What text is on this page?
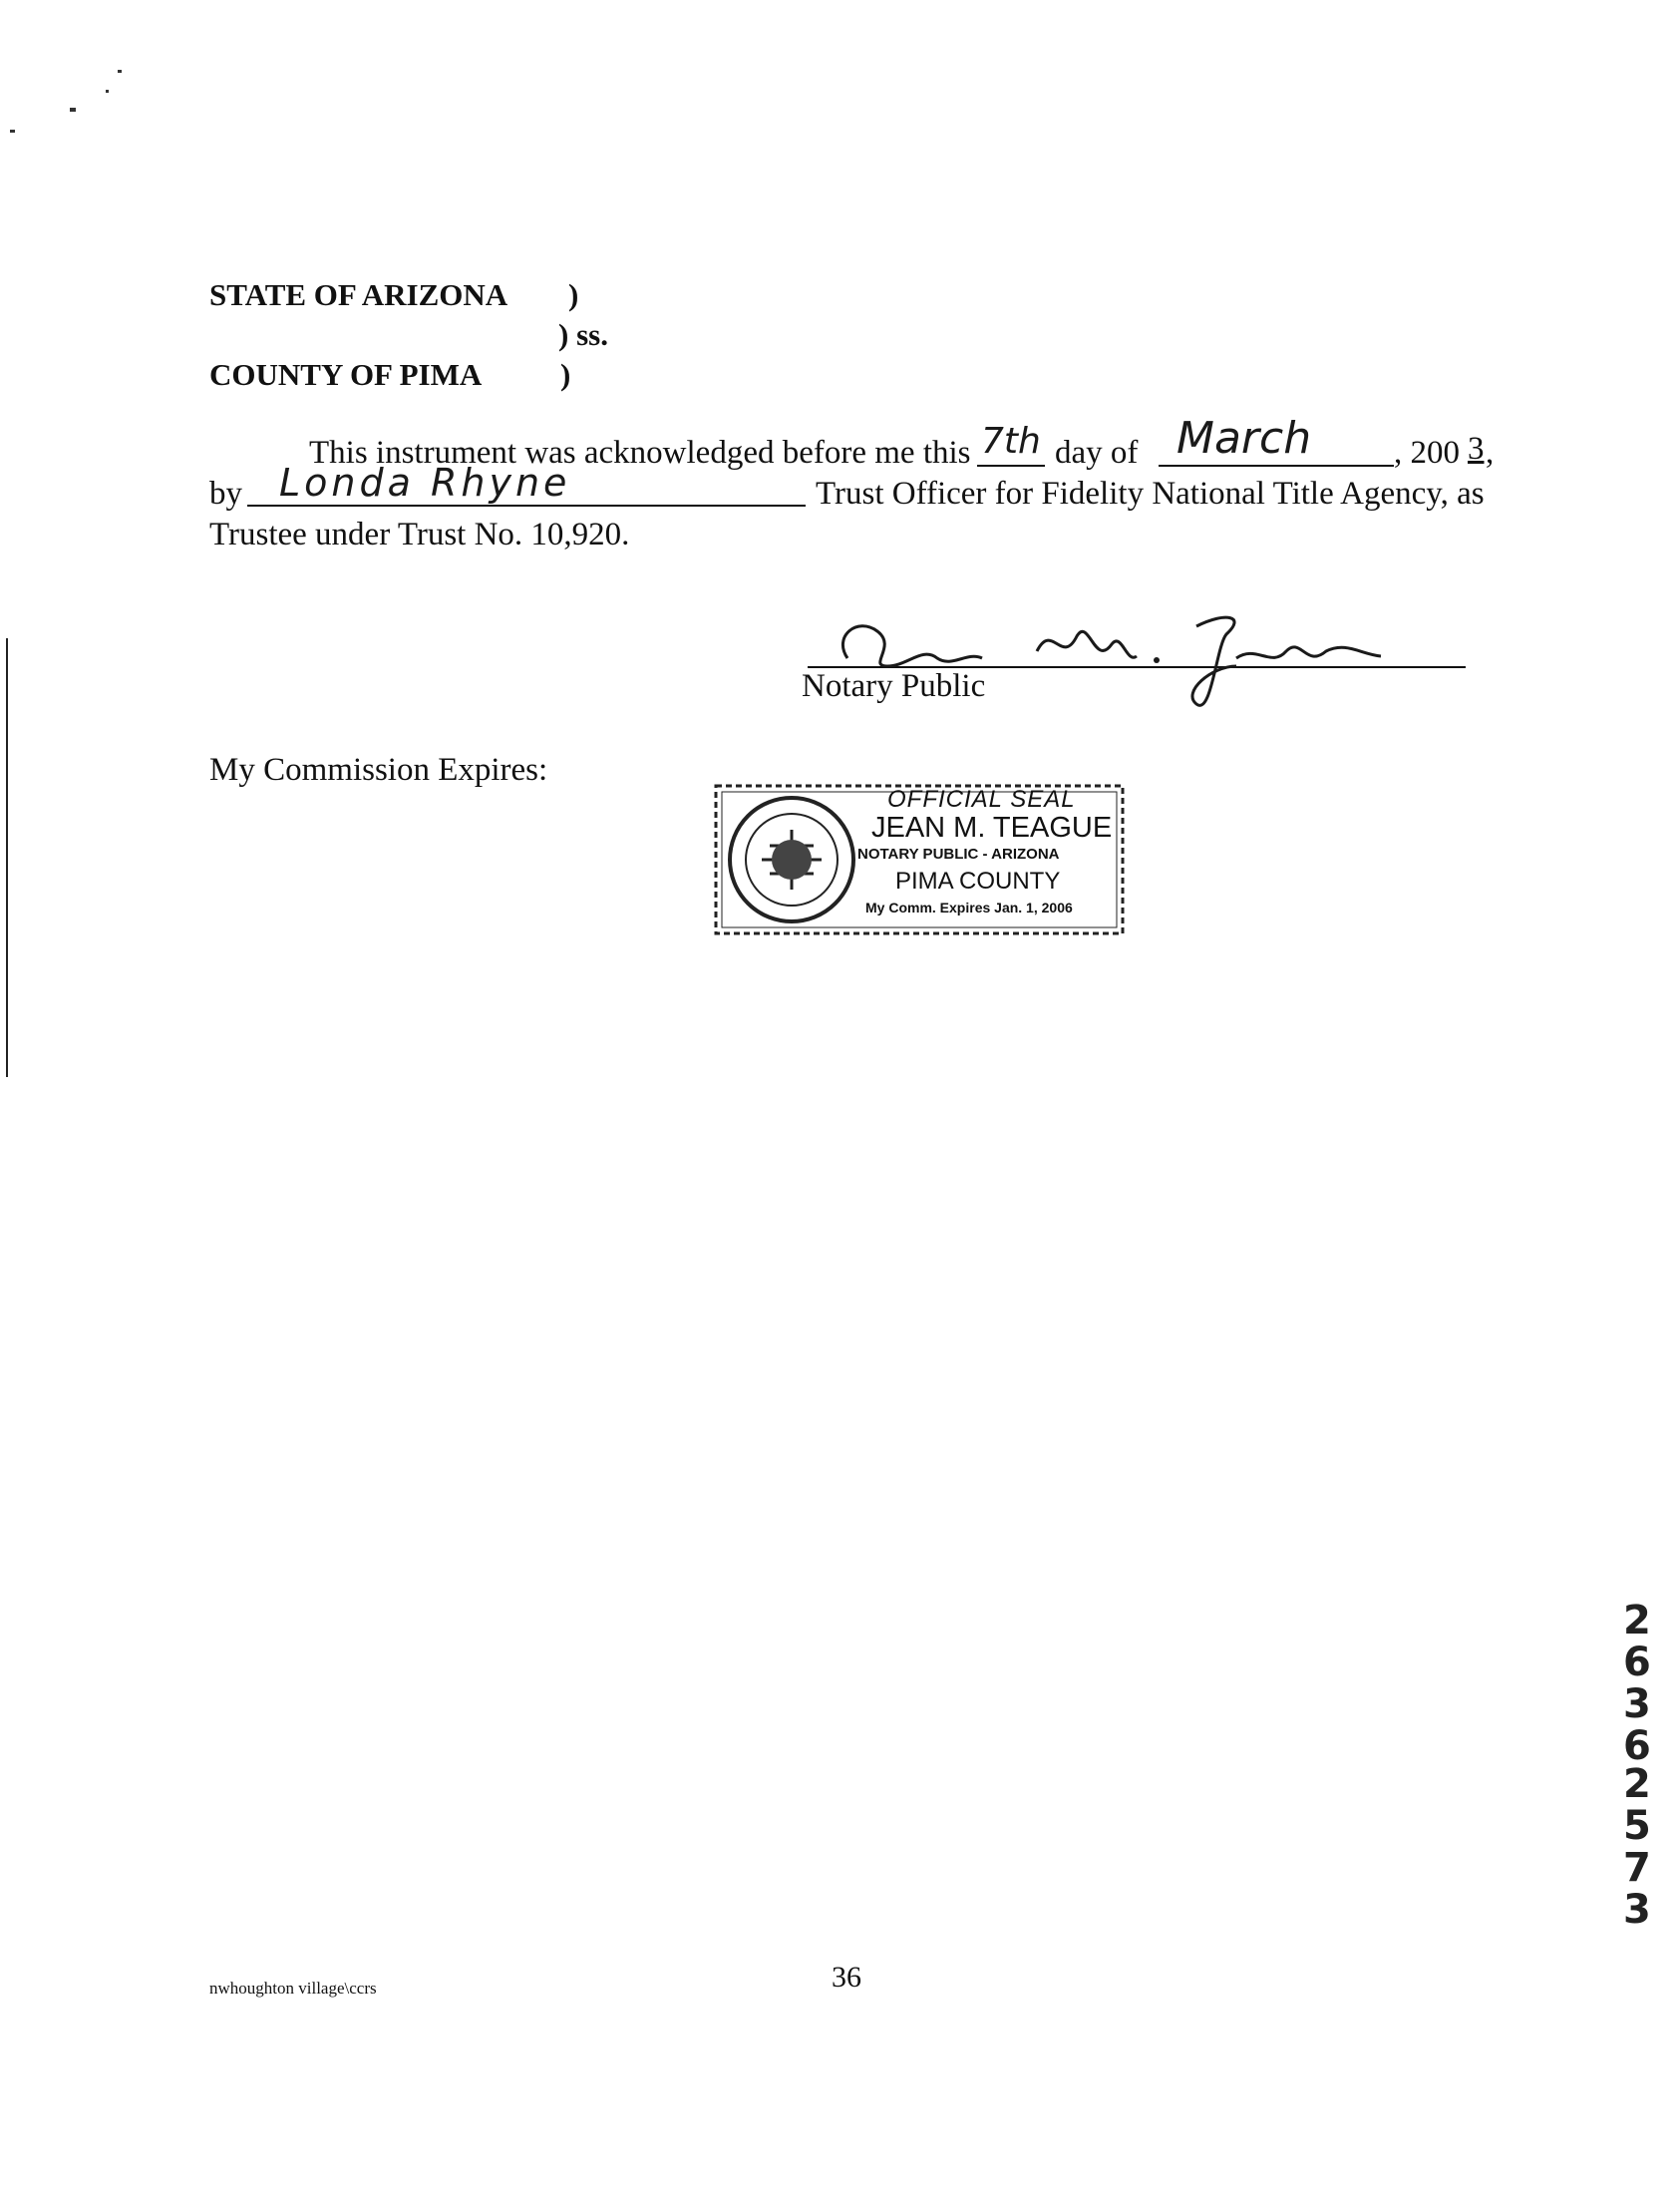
STATE OF ARIZONA )
) ss.
COUNTY OF PIMA	)
This instrument was acknowledged before me this 7th day of March	, 200 3 ,
by Londa Rhyne	Trust Officer for Fidelity National Title Agency, as
Trustee under Trust No. 10,920.
Notary Public
My Commission Expires:
OFFICIAL SEAL
JEAN M. TEAGUE
NOTARY PUBLIC - ARIZONA
PIMA COUNTY
My Comm. Expires Jan. 1, 2006
2
6
3
6
2
5
7
3
nwhoughton village\ccrs	36
